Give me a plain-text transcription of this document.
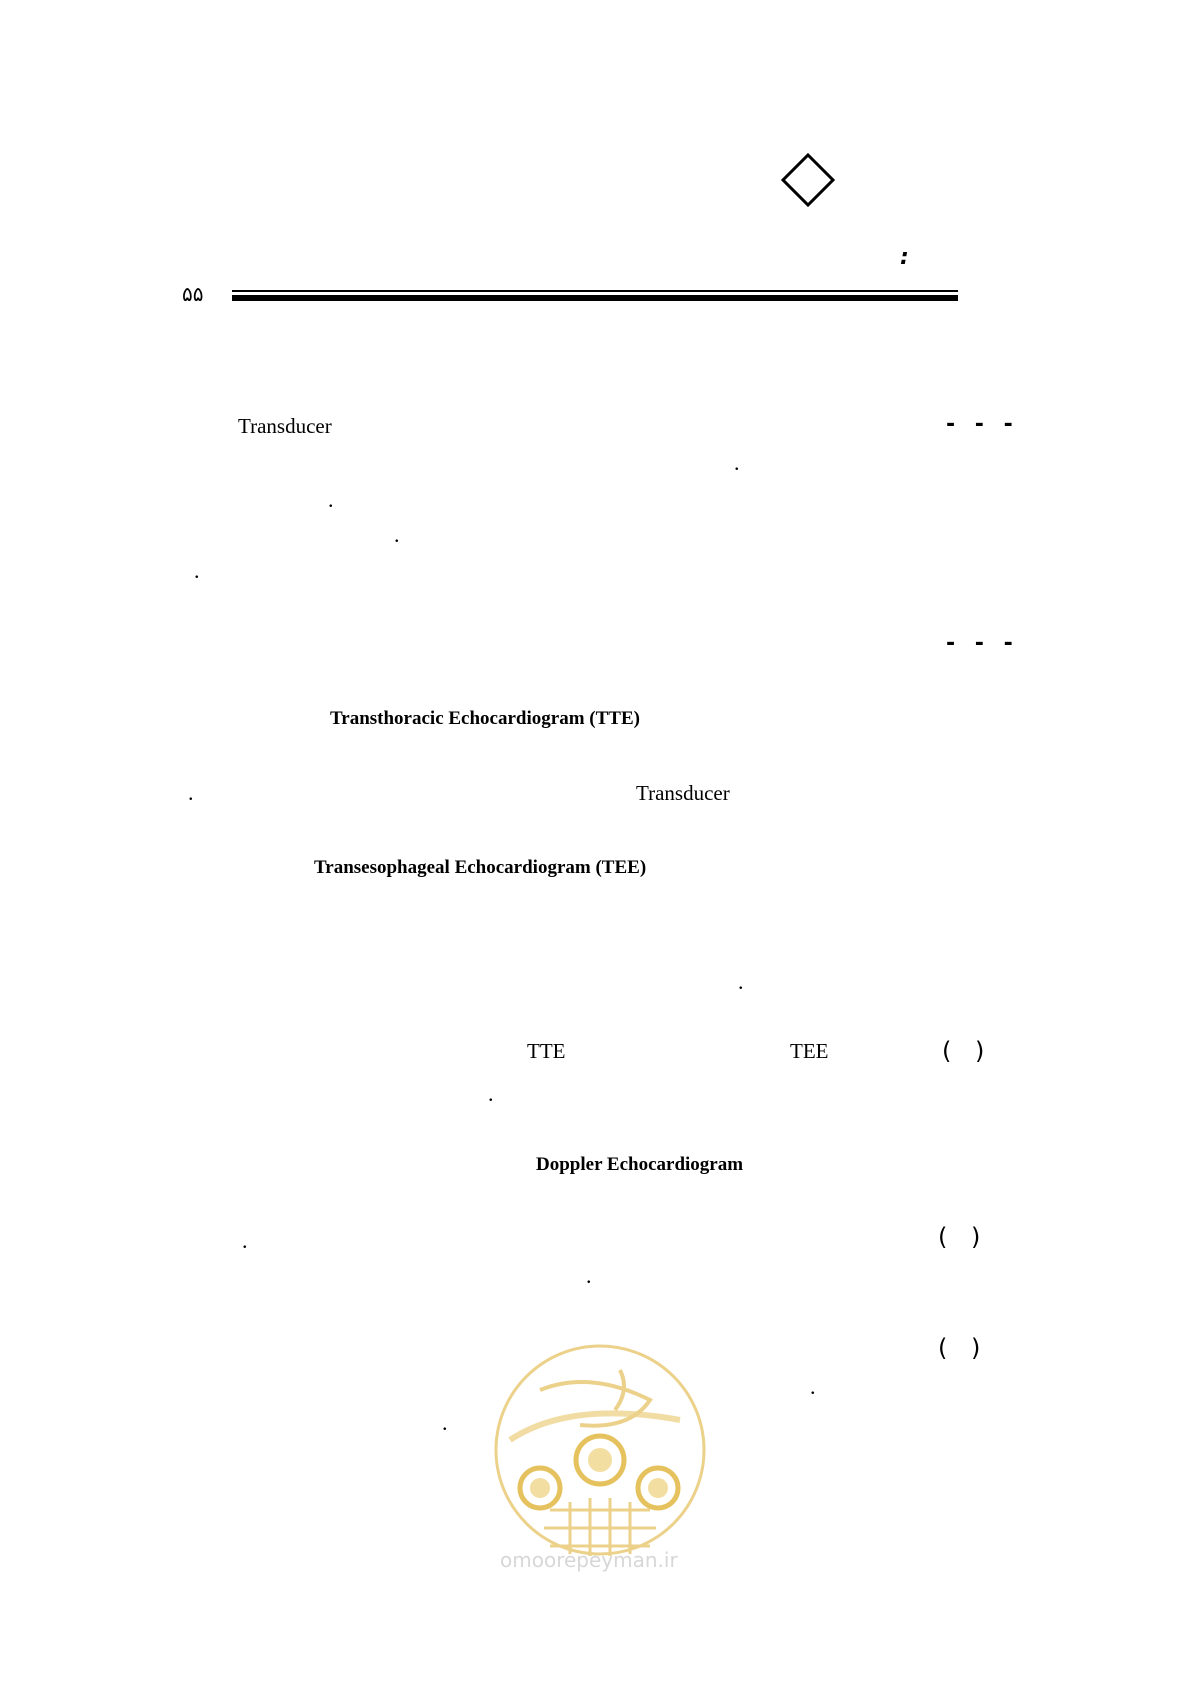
:
۵۵
Transducer	- - -
.
.
.
.
- - -
Transthoracic Echocardiogram (TTE)
.	Transducer
Transesophageal Echocardiogram (TEE)
.
TTE	TEE	( )
.
Doppler Echocardiogram
.	( )
.
( )
.
.
omoorepeyman.ir
